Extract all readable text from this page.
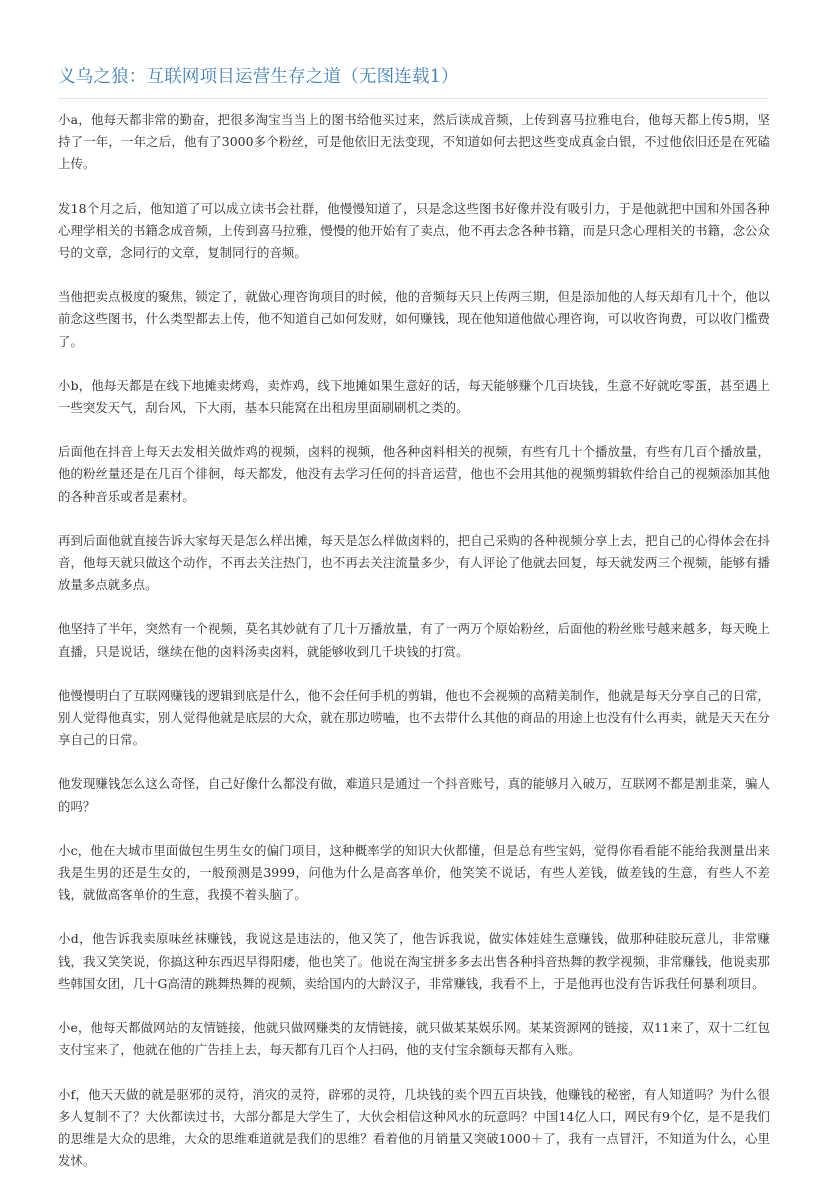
义乌之狼：互联网项目运营生存之道（无图连载1）

小a，他每天都非常的勤奋，把很多淘宝当当上的图书给他买过来，然后读成音频，上传到喜马拉雅电台，他每天都上传5期，坚持了一年，一年之后，他有了3000多个粉丝，可是他依旧无法变现，不知道如何去把这些变成真金白银，不过他依旧还是在死磕上传。

发18个月之后，他知道了可以成立读书会社群，他慢慢知道了，只是念这些图书好像并没有吸引力，于是他就把中国和外国各种心理学相关的书籍念成音频，上传到喜马拉雅，慢慢的他开始有了卖点，他不再去念各种书籍，而是只念心理相关的书籍，念公众号的文章，念同行的文章，复制同行的音频。

当他把卖点极度的聚焦，锁定了，就做心理咨询项目的时候，他的音频每天只上传两三期，但是添加他的人每天却有几十个，他以前念这些图书，什么类型都去上传，他不知道自己如何发财，如何赚钱，现在他知道他做心理咨询，可以收咨询费，可以收门槛费了。

小b，他每天都是在线下地摊卖烤鸡，卖炸鸡，线下地摊如果生意好的话，每天能够赚个几百块钱，生意不好就吃零蛋，甚至遇上一些突发天气，刮台风，下大雨，基本只能窝在出租房里面刷刷机之类的。

后面他在抖音上每天去发相关做炸鸡的视频，卤料的视频，他各种卤料相关的视频，有些有几十个播放量，有些有几百个播放量，他的粉丝量还是在几百个徘徊，每天都发，他没有去学习任何的抖音运营，他也不会用其他的视频剪辑软件给自己的视频添加其他的各种音乐或者是素材。

再到后面他就直接告诉大家每天是怎么样出摊，每天是怎么样做卤料的，把自己采购的各种视频分享上去，把自己的心得体会在抖音，他每天就只做这个动作，不再去关注热门，也不再去关注流量多少，有人评论了他就去回复，每天就发两三个视频，能够有播放量多点就多点。

他坚持了半年，突然有一个视频，莫名其妙就有了几十万播放量，有了一两万个原始粉丝，后面他的粉丝账号越来越多，每天晚上直播，只是说话，继续在他的卤料汤卖卤料，就能够收到几千块钱的打赏。

他慢慢明白了互联网赚钱的逻辑到底是什么，他不会任何手机的剪辑，他也不会视频的高精美制作，他就是每天分享自己的日常，别人觉得他真实，别人觉得他就是底层的大众，就在那边唠嗑，也不去带什么其他的商品的用途上也没有什么再卖，就是天天在分享自己的日常。

他发现赚钱怎么这么奇怪，自己好像什么都没有做，难道只是通过一个抖音账号，真的能够月入破万，互联网不都是割韭菜，骗人的吗？

小c，他在大城市里面做包生男生女的偏门项目，这种概率学的知识大伙都懂，但是总有些宝妈，觉得你看看能不能给我测量出来我是生男的还是生女的，一般预测是3999，问他为什么是高客单价，他笑笑不说话，有些人差钱，做差钱的生意，有些人不差钱，就做高客单价的生意，我摸不着头脑了。

小d，他告诉我卖原味丝袜赚钱，我说这是违法的，他又笑了，他告诉我说，做实体娃娃生意赚钱，做那种硅胶玩意儿，非常赚钱，我又笑笑说，你搞这种东西迟早得阳痿，他也笑了。他说在淘宝拼多多去出售各种抖音热舞的教学视频，非常赚钱，他说卖那些韩国女团，几十G高清的跳舞热舞的视频，卖给国内的大龄汉子，非常赚钱，我看不上，于是他再也没有告诉我任何暴利项目。

小e，他每天都做网站的友情链接，他就只做网赚类的友情链接，就只做某某娱乐网。某某资源网的链接，双11来了，双十二红包支付宝来了，他就在他的广告挂上去，每天都有几百个人扫码，他的支付宝余额每天都有入账。

小f，他天天做的就是驱邪的灵符，消灾的灵符，辟邪的灵符，几块钱的卖个四五百块钱，他赚钱的秘密，有人知道吗？为什么很多人复制不了？大伙都读过书，大部分都是大学生了，大伙会相信这种风水的玩意吗？中国14亿人口，网民有9个亿，是不是我们的思维是大众的思维，大众的思维难道就是我们的思维？看着他的月销量又突破1000＋了，我有一点冒汗，不知道为什么，心里发怵。
